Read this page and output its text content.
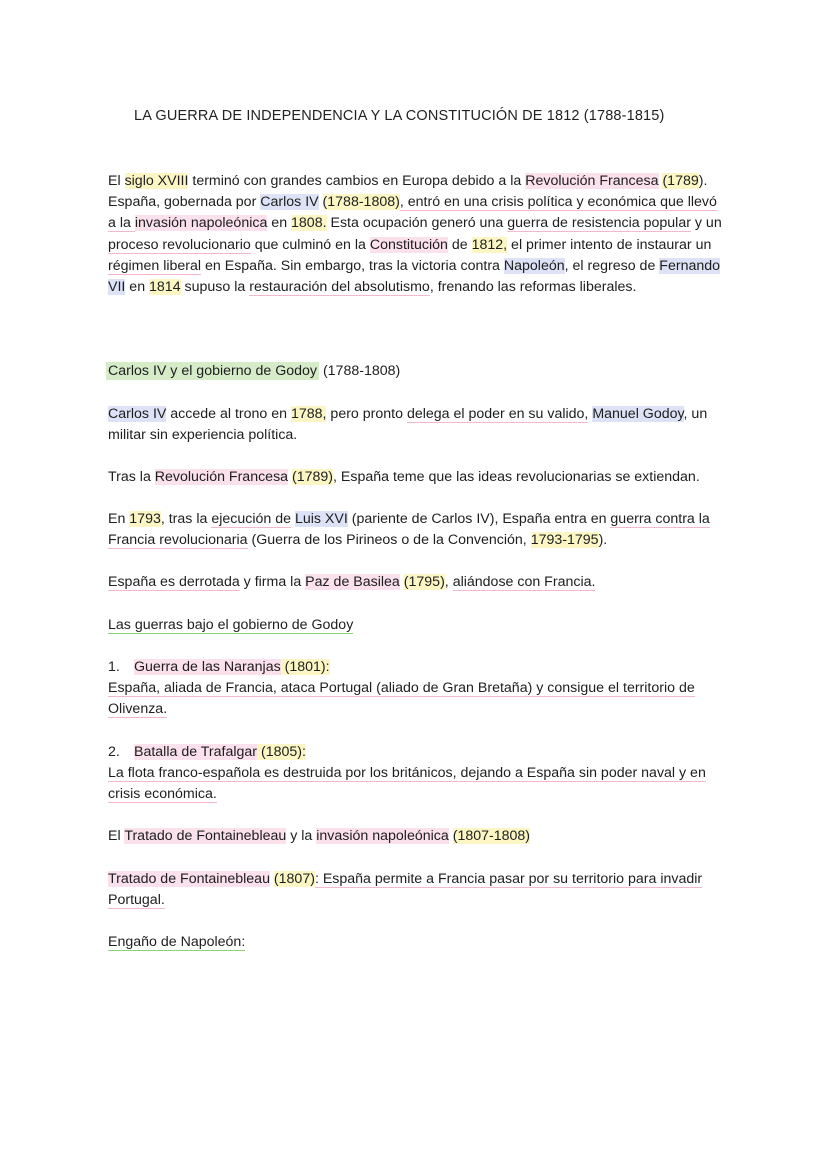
LA GUERRA DE INDEPENDENCIA Y LA CONSTITUCIÓN DE 1812 (1788-1815)
El siglo XVIII terminó con grandes cambios en Europa debido a la Revolución Francesa (1789). España, gobernada por Carlos IV (1788-1808), entró en una crisis política y económica que llevó a la invasión napoleónica en 1808. Esta ocupación generó una guerra de resistencia popular y un proceso revolucionario que culminó en la Constitución de 1812, el primer intento de instaurar un régimen liberal en España. Sin embargo, tras la victoria contra Napoleón, el regreso de Fernando VII en 1814 supuso la restauración del absolutismo, frenando las reformas liberales.
Carlos IV y el gobierno de Godoy (1788-1808)
Carlos IV accede al trono en 1788, pero pronto delega el poder en su valido, Manuel Godoy, un militar sin experiencia política.
Tras la Revolución Francesa (1789), España teme que las ideas revolucionarias se extiendan.
En 1793, tras la ejecución de Luis XVI (pariente de Carlos IV), España entra en guerra contra la Francia revolucionaria (Guerra de los Pirineos o de la Convención, 1793-1795).
España es derrotada y firma la Paz de Basilea (1795), aliándose con Francia.
Las guerras bajo el gobierno de Godoy
1. Guerra de las Naranjas (1801):
España, aliada de Francia, ataca Portugal (aliado de Gran Bretaña) y consigue el territorio de Olivenza.
2. Batalla de Trafalgar (1805):
La flota franco-española es destruida por los británicos, dejando a España sin poder naval y en crisis económica.
El Tratado de Fontainebleau y la invasión napoleónica (1807-1808)
Tratado de Fontainebleau (1807): España permite a Francia pasar por su territorio para invadir Portugal.
Engaño de Napoleón:
